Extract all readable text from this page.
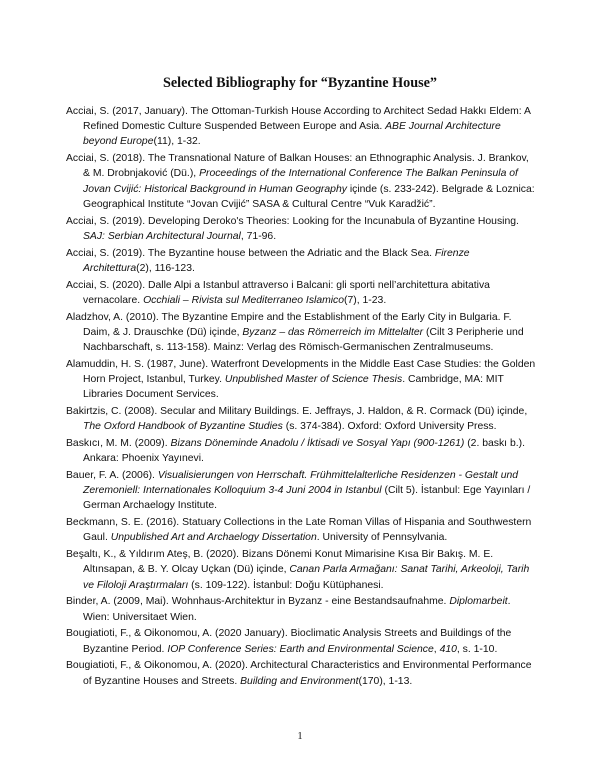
Selected Bibliography for “Byzantine House”

Acciai, S. (2017, January). The Ottoman-Turkish House According to Architect Sedad Hakkı Eldem: A Refined Domestic Culture Suspended Between Europe and Asia. ABE Journal Architecture beyond Europe(11), 1-32.

Acciai, S. (2018). The Transnational Nature of Balkan Houses: an Ethnographic Analysis. J. Brankov, & M. Drobnjaković (Dü.), Proceedings of the International Conference The Balkan Peninsula of Jovan Cvijić: Historical Background in Human Geography içinde (s. 233-242). Belgrade & Loznica: Geographical Institute “Jovan Cvijić” SASA & Cultural Centre “Vuk Karadžić”.

Acciai, S. (2019). Developing Deroko's Theories: Looking for the Incunabula of Byzantine Housing. SAJ: Serbian Architectural Journal, 71-96.

Acciai, S. (2019). The Byzantine house between the Adriatic and the Black Sea. Firenze Architettura(2), 116-123.

Acciai, S. (2020). Dalle Alpi a Istanbul attraverso i Balcani: gli sporti nell’architettura abitativa vernacolare. Occhiali – Rivista sul Mediterraneo Islamico(7), 1-23.

Aladzhov, A. (2010). The Byzantine Empire and the Establishment of the Early City in Bulgaria. F. Daim, & J. Drauschke (Dü) içinde, Byzanz – das Römerreich im Mittelalter (Cilt 3 Peripherie und Nachbarschaft, s. 113-158). Mainz: Verlag des Römisch-Germanischen Zentralmuseums.

Alamuddin, H. S. (1987, June). Waterfront Developments in the Middle East Case Studies: the Golden Horn Project, Istanbul, Turkey. Unpublished Master of Science Thesis. Cambridge, MA: MIT Libraries Document Services.

Bakirtzis, C. (2008). Secular and Military Buildings. E. Jeffrays, J. Haldon, & R. Cormack (Dü) içinde, The Oxford Handbook of Byzantine Studies (s. 374-384). Oxford: Oxford University Press.

Baskıcı, M. M. (2009). Bizans Döneminde Anadolu / İktisadi ve Sosyal Yapı (900-1261) (2. baskı b.). Ankara: Phoenix Yayınevi.

Bauer, F. A. (2006). Visualisierungen von Herrschaft. Frühmittelalterliche Residenzen - Gestalt und Zeremoniell: Internationales Kolloquium 3-4 Juni 2004 in Istanbul (Cilt 5). İstanbul: Ege Yayınları / German Archaelogy Institute.

Beckmann, S. E. (2016). Statuary Collections in the Late Roman Villas of Hispania and Southwestern Gaul. Unpublished Art and Archaelogy Dissertation. University of Pennsylvania.

Beşaltı, K., & Yıldırım Ateş, B. (2020). Bizans Dönemi Konut Mimarisine Kısa Bir Bakış. M. E. Altınsapan, & B. Y. Olcay Uçkan (Dü) içinde, Canan Parla Armağanı: Sanat Tarihi, Arkeoloji, Tarih ve Filoloji Araştırmaları (s. 109-122). İstanbul: Doğu Kütüphanesi.

Binder, A. (2009, Mai). Wohnhaus-Architektur in Byzanz - eine Bestandsaufnahme. Diplomarbeit. Wien: Universitaet Wien.

Bougiatioti, F., & Oikonomou, A. (2020 January). Bioclimatic Analysis Streets and Buildings of the Byzantine Period. IOP Conference Series: Earth and Environmental Science, 410, s. 1-10.

Bougiatioti, F., & Oikonomou, A. (2020). Architectural Characteristics and Environmental Performance of Byzantine Houses and Streets. Building and Environment(170), 1-13.

1
